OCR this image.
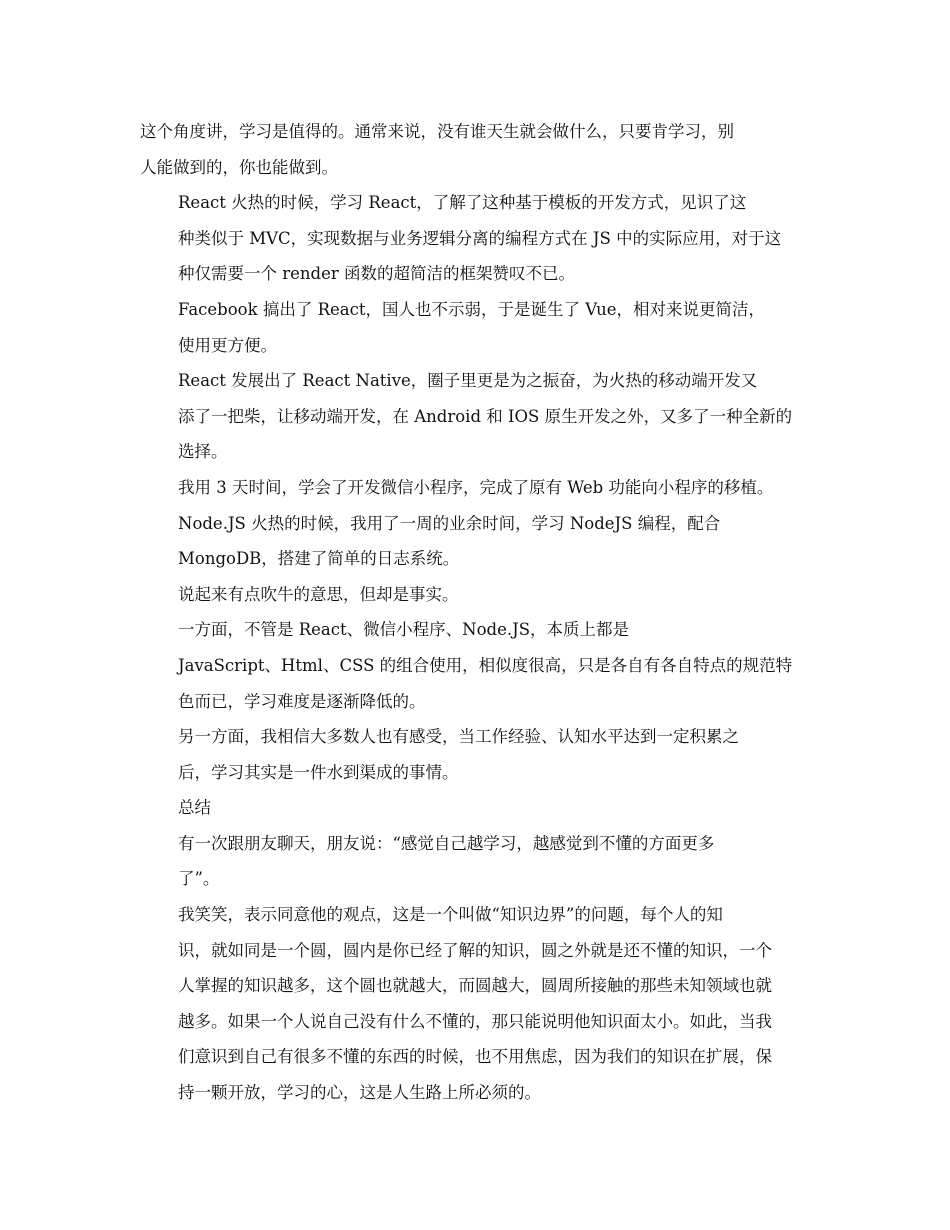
这个角度讲，学习是值得的。通常来说，没有谁天生就会做什么，只要肯学习，别
人能做到的，你也能做到。

React 火热的时候，学习 React，了解了这种基于模板的开发方式，见识了这
种类似于 MVC，实现数据与业务逻辑分离的编程方式在 JS 中的实际应用，对于这
种仅需要一个 render 函数的超简洁的框架赞叹不已。

Facebook 搞出了 React，国人也不示弱，于是诞生了 Vue，相对来说更简洁，
使用更方便。

React 发展出了 React Native，圈子里更是为之振奋，为火热的移动端开发又
添了一把柴，让移动端开发，在 Android 和 IOS 原生开发之外，又多了一种全新的
选择。

我用 3 天时间，学会了开发微信小程序，完成了原有 Web 功能向小程序的移植。

Node.JS 火热的时候，我用了一周的业余时间，学习 NodeJS 编程，配合
MongoDB，搭建了简单的日志系统。

说起来有点吹牛的意思，但却是事实。

一方面，不管是 React、微信小程序、Node.JS，本质上都是
JavaScript、Html、CSS 的组合使用，相似度很高，只是各自有各自特点的规范特
色而已，学习难度是逐渐降低的。

另一方面，我相信大多数人也有感受，当工作经验、认知水平达到一定积累之
后，学习其实是一件水到渠成的事情。

总结

有一次跟朋友聊天，朋友说：“感觉自己越学习，越感觉到不懂的方面更多
了”。

我笑笑，表示同意他的观点，这是一个叫做“知识边界”的问题，每个人的知
识，就如同是一个圆，圆内是你已经了解的知识，圆之外就是还不懂的知识，一个
人掌握的知识越多，这个圆也就越大，而圆越大，圆周所接触的那些未知领域也就
越多。如果一个人说自己没有什么不懂的，那只能说明他知识面太小。如此，当我
们意识到自己有很多不懂的东西的时候，也不用焦虑，因为我们的知识在扩展，保
持一颗开放，学习的心，这是人生路上所必须的。
